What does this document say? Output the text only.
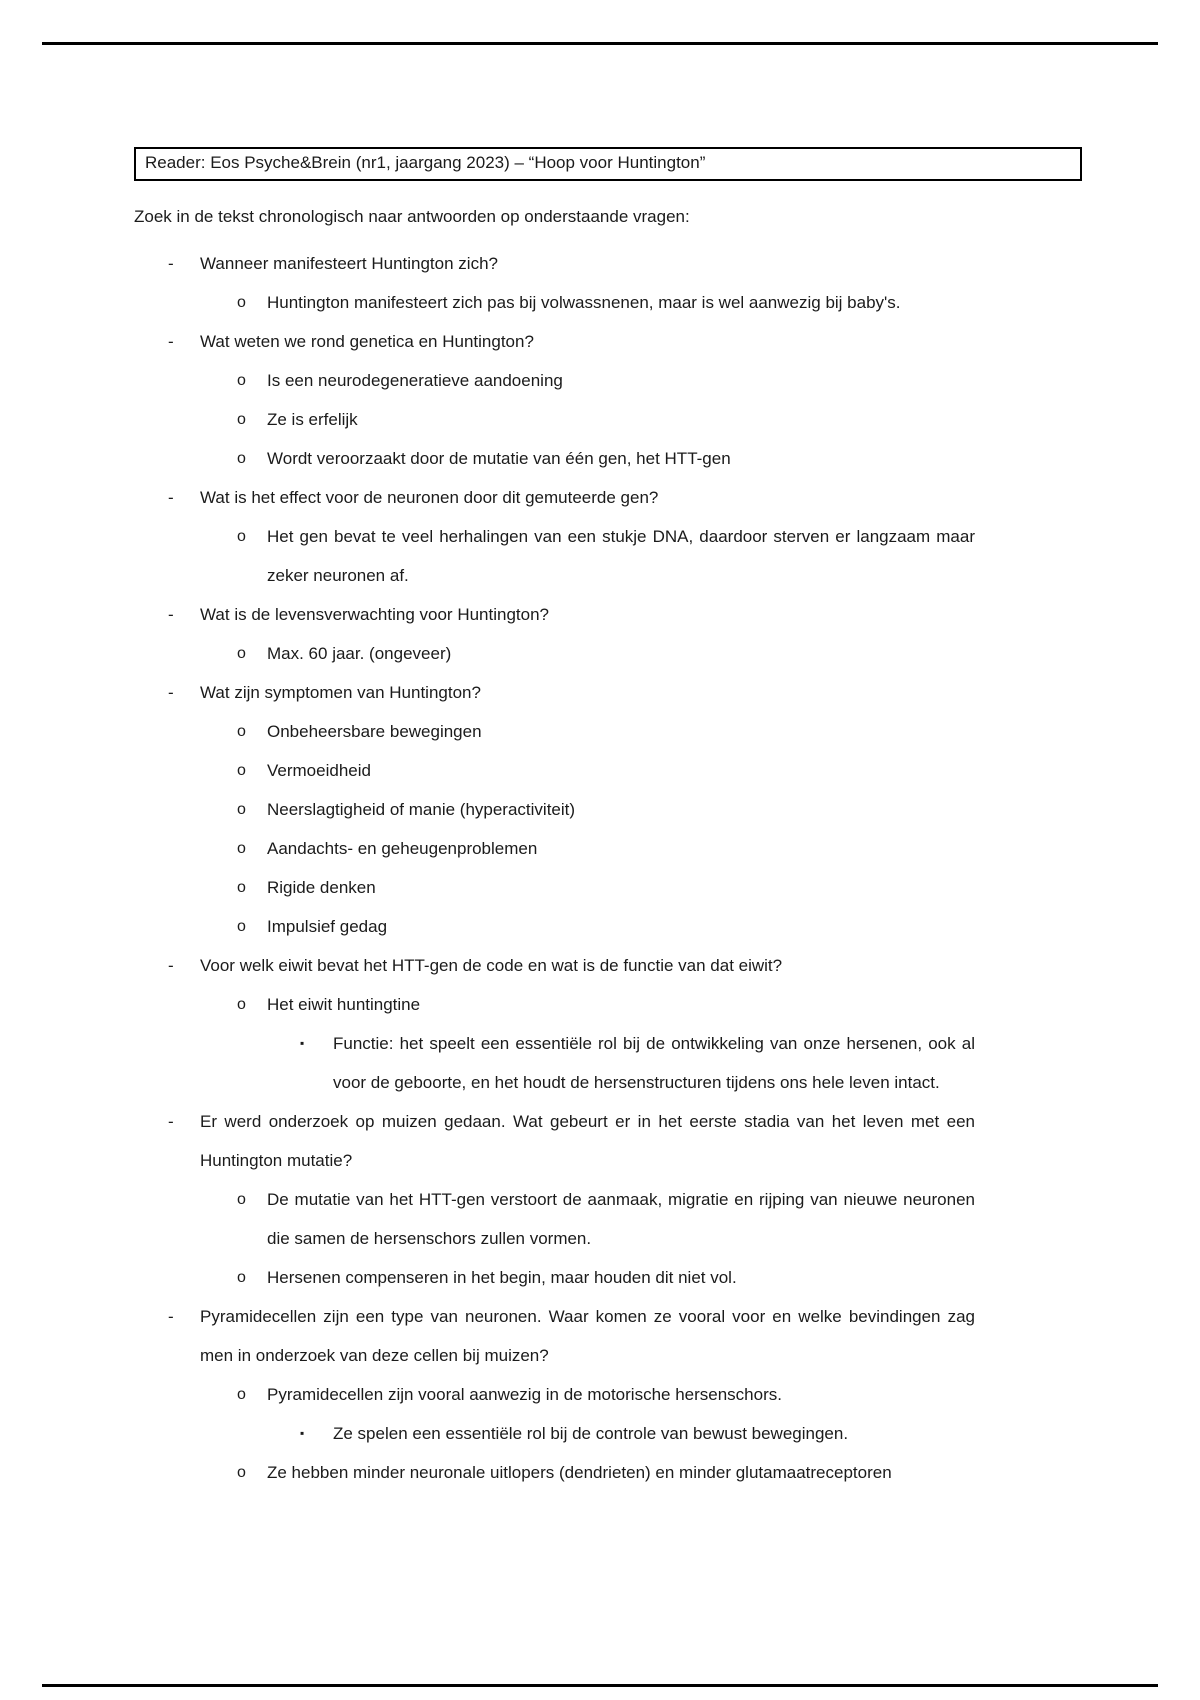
Reader: Eos Psyche&Brein (nr1, jaargang 2023) – “Hoop voor Huntington”

Zoek in de tekst chronologisch naar antwoorden op onderstaande vragen:

- Wanneer manifesteert Huntington zich?
o Huntington manifesteert zich pas bij volwassnenen, maar is wel aanwezig bij baby's.
- Wat weten we rond genetica en Huntington?
o Is een neurodegeneratieve aandoening
o Ze is erfelijk
o Wordt veroorzaakt door de mutatie van één gen, het HTT-gen
- Wat is het effect voor de neuronen door dit gemuteerde gen?
o Het gen bevat te veel herhalingen van een stukje DNA, daardoor sterven er langzaam maar zeker neuronen af.
- Wat is de levensverwachting voor Huntington?
o Max. 60 jaar. (ongeveer)
- Wat zijn symptomen van Huntington?
o Onbeheersbare bewegingen
o Vermoeidheid
o Neerslagtigheid of manie (hyperactiviteit)
o Aandachts- en geheugenproblemen
o Rigide denken
o Impulsief gedag
- Voor welk eiwit bevat het HTT-gen de code en wat is de functie van dat eiwit?
o Het eiwit huntingtine
▪ Functie: het speelt een essentiële rol bij de ontwikkeling van onze hersenen, ook al voor de geboorte, en het houdt de hersenstructuren tijdens ons hele leven intact.
- Er werd onderzoek op muizen gedaan. Wat gebeurt er in het eerste stadia van het leven met een Huntington mutatie?
o De mutatie van het HTT-gen verstoort de aanmaak, migratie en rijping van nieuwe neuronen die samen de hersenschors zullen vormen.
o Hersenen compenseren in het begin, maar houden dit niet vol.
- Pyramidecellen zijn een type van neuronen. Waar komen ze vooral voor en welke bevindingen zag men in onderzoek van deze cellen bij muizen?
o Pyramidecellen zijn vooral aanwezig in de motorische hersenschors.
▪ Ze spelen een essentiële rol bij de controle van bewust bewegingen.
o Ze hebben minder neuronale uitlopers (dendrieten) en minder glutamaatreceptoren
